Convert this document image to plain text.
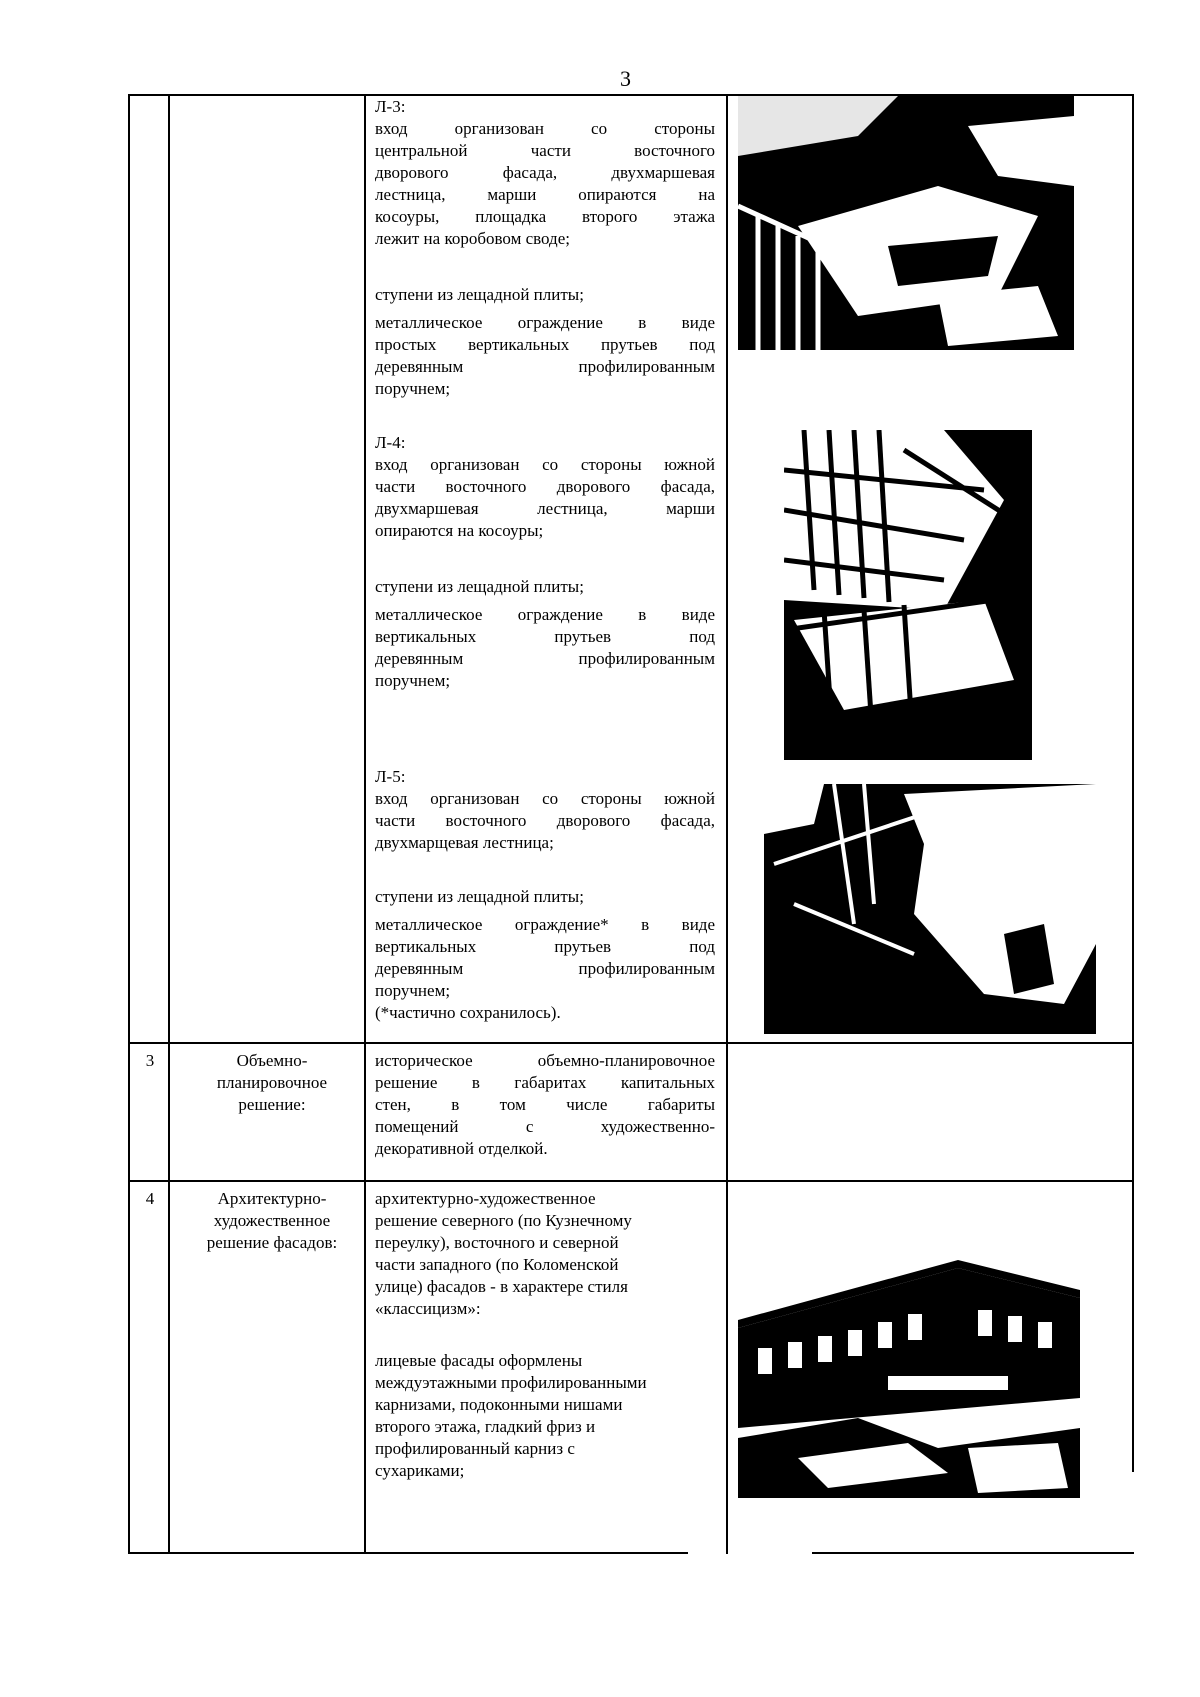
3
Л-3:

вход организован со стороны

центральной части восточного

дворового фасада, двухмаршевая

лестница, марши опираются на

косоуры, площадка второго этажа

лежит на коробовом своде;

ступени из лещадной плиты;

металлическое ограждение в виде

простых вертикальных прутьев под

деревянным профилированным

поручнем;

Л-4:

вход организован со стороны южной

части восточного дворового фасада,

двухмаршевая лестница, марши

опираются на косоуры;

ступени из лещадной плиты;

металлическое ограждение в виде

вертикальных прутьев под

деревянным профилированным

поручнем;

Л-5:

вход организован со стороны южной

части восточного дворового фасада,

двухмарщевая лестница;

ступени из лещадной плиты;

металлическое ограждение* в виде

вертикальных прутьев под

деревянным профилированным

поручнем;

(*частично сохранилось).

3	Объемно-

планировочное

решение:

историческое объемно-планировочное

решение в габаритах капитальных

стен, в том числе габариты

помещений с художественно-

декоративной отделкой.

4	Архитектурно-

художественное

решение фасадов:

архитектурно-художественное

решение северного (по Кузнечному

переулку), восточного и северной

части западного (по Коломенской

улице) фасадов - в характере стиля

«классицизм»:

лицевые фасады оформлены

междуэтажными профилированными

карнизами, подоконными нишами

второго этажа, гладкий фриз и

профилированный карниз с

сухариками;
